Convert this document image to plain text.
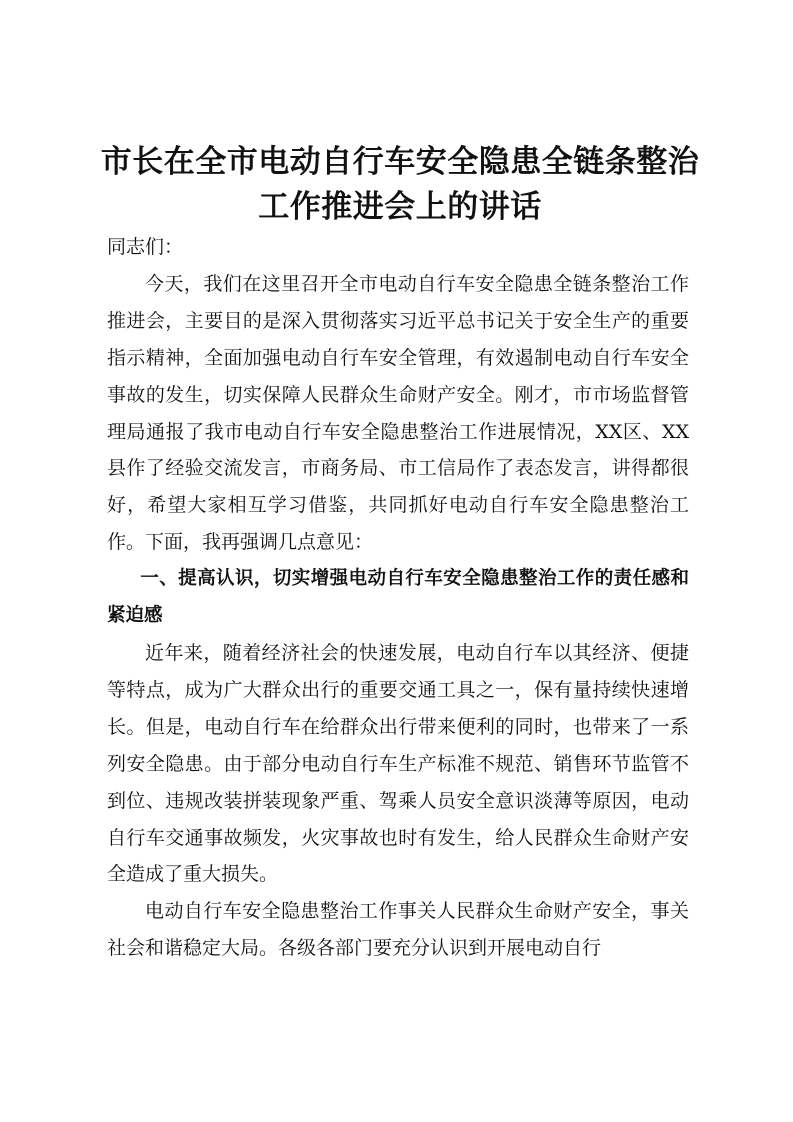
市长在全市电动自行车安全隐患全链条整治工作推进会上的讲话

同志们：

今天，我们在这里召开全市电动自行车安全隐患全链条整治工作推进会，主要目的是深入贯彻落实习近平总书记关于安全生产的重要指示精神，全面加强电动自行车安全管理，有效遏制电动自行车安全事故的发生，切实保障人民群众生命财产安全。刚才，市市场监督管理局通报了我市电动自行车安全隐患整治工作进展情况，XX区、XX县作了经验交流发言，市商务局、市工信局作了表态发言，讲得都很好，希望大家相互学习借鉴，共同抓好电动自行车安全隐患整治工作。下面，我再强调几点意见：

一、提高认识，切实增强电动自行车安全隐患整治工作的责任感和紧迫感

近年来，随着经济社会的快速发展，电动自行车以其经济、便捷等特点，成为广大群众出行的重要交通工具之一，保有量持续快速增长。但是，电动自行车在给群众出行带来便利的同时，也带来了一系列安全隐患。由于部分电动自行车生产标准不规范、销售环节监管不到位、违规改装拼装现象严重、驾乘人员安全意识淡薄等原因，电动自行车交通事故频发，火灾事故也时有发生，给人民群众生命财产安全造成了重大损失。

电动自行车安全隐患整治工作事关人民群众生命财产安全，事关社会和谐稳定大局。各级各部门要充分认识到开展电动自行
